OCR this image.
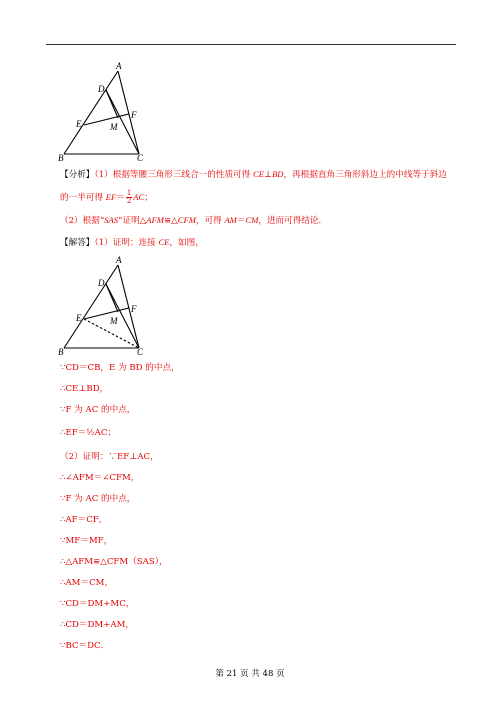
A
D
E
F
M
B	C
【分析】（1）根据等腰三角形三线合一的性质可得 CE⊥BD，再根据直角三角形斜边上的中线等于斜边
的一半可得 $EF= \frac{1}{2}$ AC；
（2）根据“SAS”证明△AFM≌△CFM，可得 AM＝CM，进而可得结论．
【解答】（1）证明：连接 CE，如图，
A
D
E
F
M
B	C
∵CD＝CB，E 为 BD 的中点，
∴CE⊥BD，
∵F 为 AC 的中点，
∴EF＝½AC；
（2）证明：∵EF⊥AC，
∴∠AFM＝∠CFM，
∵F 为 AC 的中点，
∴AF＝CF，
∵MF＝MF，
∴△AFM≌△CFM（SAS），
∴AM＝CM，
∵CD＝DM+MC，
∴CD＝DM+AM，
∵BC＝DC．
第 21 页 共 48 页
